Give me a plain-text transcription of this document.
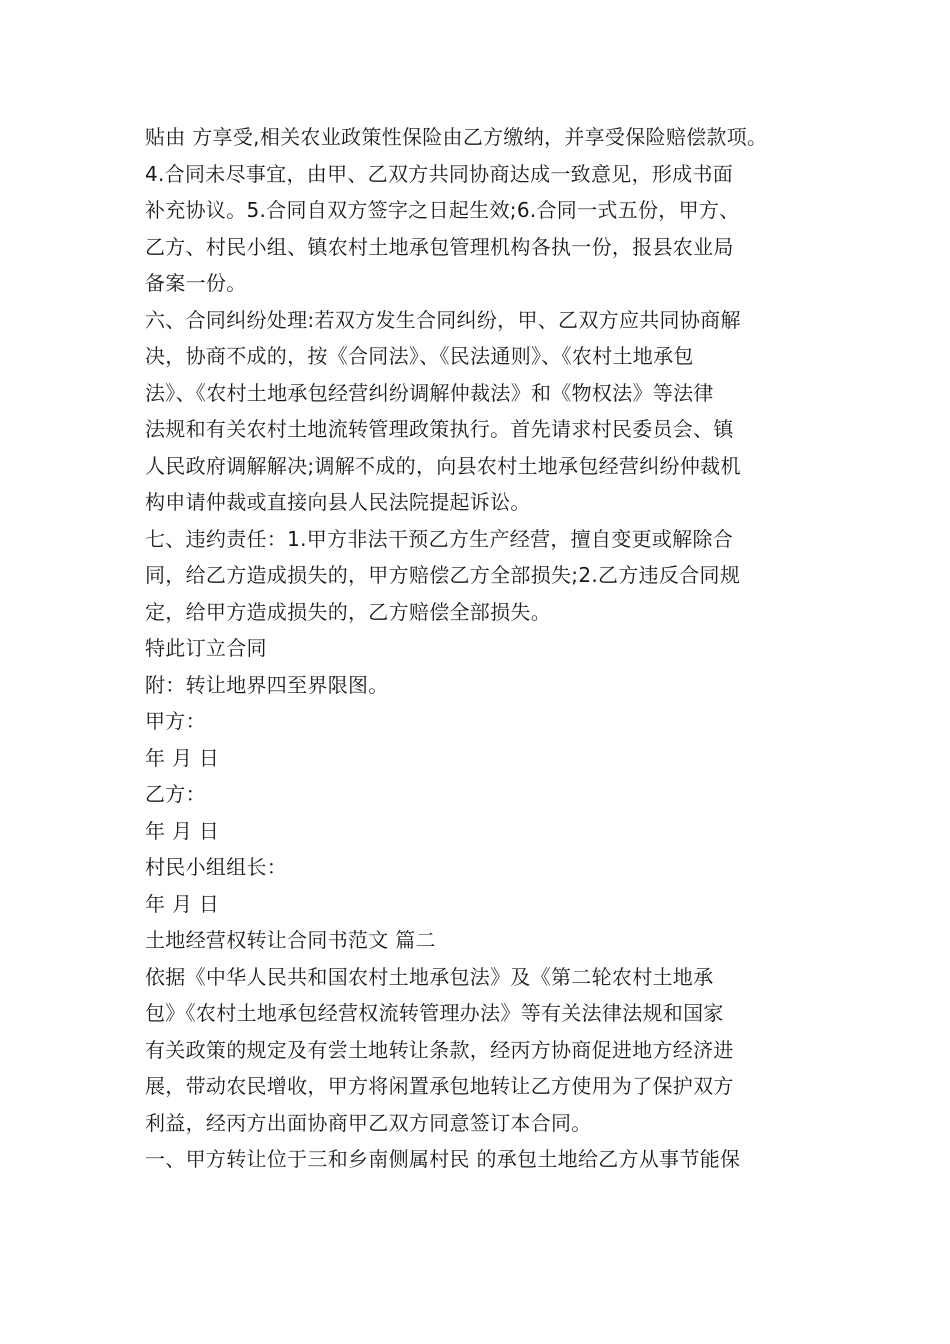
贴由 方享受,相关农业政策性保险由乙方缴纳，并享受保险赔偿款项。
4.合同未尽事宜，由甲、乙双方共同协商达成一致意见，形成书面
补充协议。5.合同自双方签字之日起生效;6.合同一式五份，甲方、
乙方、村民小组、镇农村土地承包管理机构各执一份，报县农业局
备案一份。
六、合同纠纷处理:若双方发生合同纠纷，甲、乙双方应共同协商解
决，协商不成的，按《合同法》、《民法通则》、《农村土地承包
法》、《农村土地承包经营纠纷调解仲裁法》和《物权法》等法律
法规和有关农村土地流转管理政策执行。首先请求村民委员会、镇
人民政府调解解决;调解不成的，向县农村土地承包经营纠纷仲裁机
构申请仲裁或直接向县人民法院提起诉讼。
七、违约责任：1.甲方非法干预乙方生产经营，擅自变更或解除合
同，给乙方造成损失的，甲方赔偿乙方全部损失;2.乙方违反合同规
定，给甲方造成损失的，乙方赔偿全部损失。
特此订立合同
附：转让地界四至界限图。
甲方：
年 月 日
乙方：
年 月 日
村民小组组长：
年 月 日
土地经营权转让合同书范文 篇二
依据《中华人民共和国农村土地承包法》及《第二轮农村土地承
包》《农村土地承包经营权流转管理办法》等有关法律法规和国家
有关政策的规定及有尝土地转让条款，经丙方协商促进地方经济进
展，带动农民增收，甲方将闲置承包地转让乙方使用为了保护双方
利益，经丙方出面协商甲乙双方同意签订本合同。
一、甲方转让位于三和乡南侧属村民 的承包土地给乙方从事节能保
